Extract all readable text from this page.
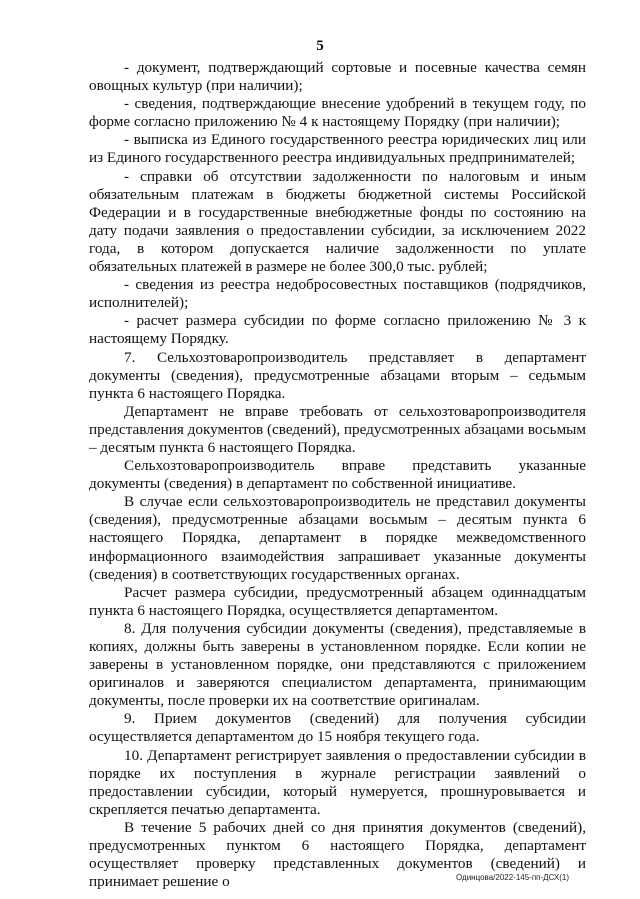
5

- документ, подтверждающий сортовые и посевные качества семян овощных культур (при наличии);

- сведения, подтверждающие внесение удобрений в текущем году, по форме согласно приложению № 4 к настоящему Порядку (при наличии);

- выписка из Единого государственного реестра юридических лиц или из Единого государственного реестра индивидуальных предпринимателей;

- справки об отсутствии задолженности по налоговым и иным обязательным платежам в бюджеты бюджетной системы Российской Федерации и в государственные внебюджетные фонды по состоянию на дату подачи заявления о предоставлении субсидии, за исключением 2022 года, в котором допускается наличие задолженности по уплате обязательных платежей в размере не более 300,0 тыс. рублей;

- сведения из реестра недобросовестных поставщиков (подрядчиков, исполнителей);

- расчет размера субсидии по форме согласно приложению № 3 к настоящему Порядку.

7. Сельхозтоваропроизводитель представляет в департамент документы (сведения), предусмотренные абзацами вторым – седьмым пункта 6 настоящего Порядка.

Департамент не вправе требовать от сельхозтоваропроизводителя представления документов (сведений), предусмотренных абзацами восьмым – десятым пункта 6 настоящего Порядка.

Сельхозтоваропроизводитель вправе представить указанные документы (сведения) в департамент по собственной инициативе.

В случае если сельхозтоваропроизводитель не представил документы (сведения), предусмотренные абзацами восьмым – десятым пункта 6 настоящего Порядка, департамент в порядке межведомственного информационного взаимодействия запрашивает указанные документы (сведения) в соответствующих государственных органах.

Расчет размера субсидии, предусмотренный абзацем одиннадцатым пункта 6 настоящего Порядка, осуществляется департаментом.

8. Для получения субсидии документы (сведения), представляемые в копиях, должны быть заверены в установленном порядке. Если копии не заверены в установленном порядке, они представляются с приложением оригиналов и заверяются специалистом департамента, принимающим документы, после проверки их на соответствие оригиналам.

9. Прием документов (сведений) для получения субсидии осуществляется департаментом до 15 ноября текущего года.

10. Департамент регистрирует заявления о предоставлении субсидии в порядке их поступления в журнале регистрации заявлений о предоставлении субсидии, который нумеруется, прошнуровывается и скрепляется печатью департамента.

В течение 5 рабочих дней со дня принятия документов (сведений), предусмотренных пунктом 6 настоящего Порядка, департамент осуществляет проверку представленных документов (сведений) и принимает решение о	Одинцова/2022-145-пп-ДСХ(1)
